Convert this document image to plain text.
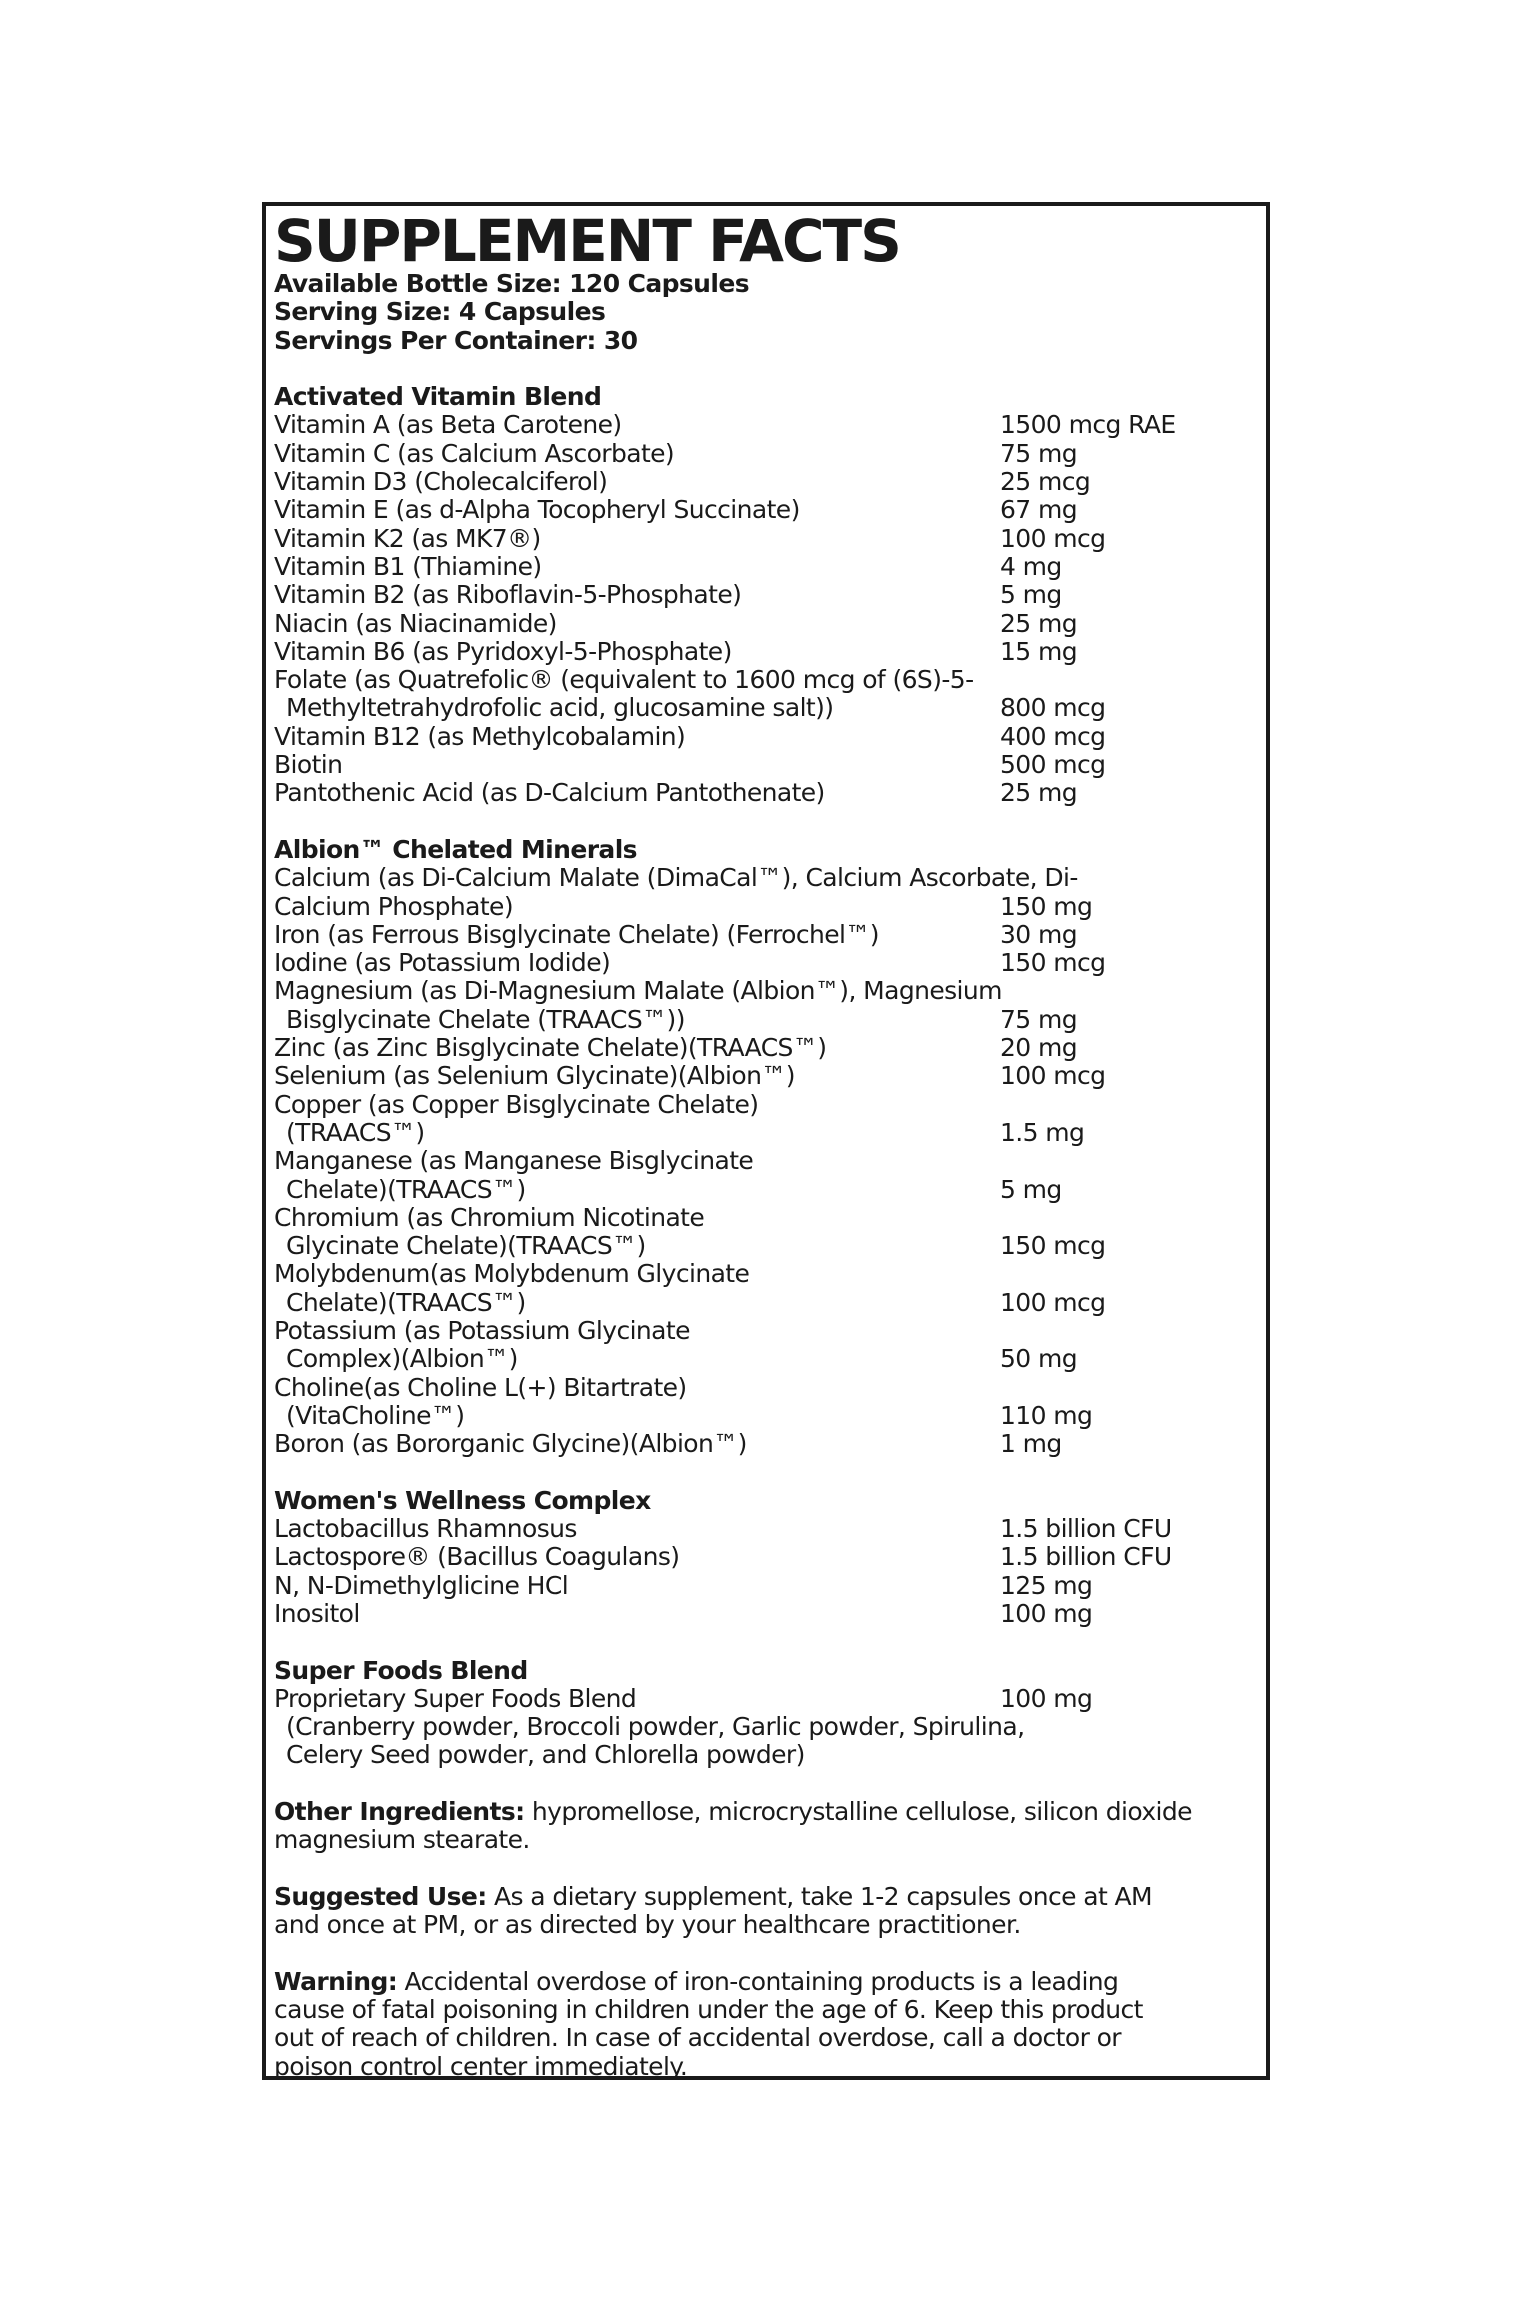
SUPPLEMENT FACTS
Available Bottle Size: 120 Capsules
Serving Size: 4 Capsules
Servings Per Container: 30
Activated Vitamin Blend
Vitamin A (as Beta Carotene)	1500 mcg RAE
Vitamin C (as Calcium Ascorbate)	75 mg
Vitamin D3 (Cholecalciferol)	25 mcg
Vitamin E (as d-Alpha Tocopheryl Succinate)	67 mg
Vitamin K2 (as MK7®)	100 mcg
Vitamin B1 (Thiamine)	4 mg
Vitamin B2 (as Riboflavin-5-Phosphate)	5 mg
Niacin (as Niacinamide)	25 mg
Vitamin B6 (as Pyridoxyl-5-Phosphate)	15 mg
Folate (as Quatrefolic® (equivalent to 1600 mcg of (6S)-5-
Methyltetrahydrofolic acid, glucosamine salt))	800 mcg
Vitamin B12 (as Methylcobalamin)	400 mcg
Biotin	500 mcg
Pantothenic Acid (as D-Calcium Pantothenate)	25 mg
Albion™ Chelated Minerals
Calcium (as Di-Calcium Malate (DimaCal™), Calcium Ascorbate, Di-
Calcium Phosphate)	150 mg
Iron (as Ferrous Bisglycinate Chelate) (Ferrochel™)	30 mg
Iodine (as Potassium Iodide)	150 mcg
Magnesium (as Di-Magnesium Malate (Albion™), Magnesium
Bisglycinate Chelate (TRAACS™))	75 mg
Zinc (as Zinc Bisglycinate Chelate)(TRAACS™)	20 mg
Selenium (as Selenium Glycinate)(Albion™)	100 mcg
Copper (as Copper Bisglycinate Chelate)
(TRAACS™)	1.5 mg
Manganese (as Manganese Bisglycinate
Chelate)(TRAACS™)	5 mg
Chromium (as Chromium Nicotinate
Glycinate Chelate)(TRAACS™)	150 mcg
Molybdenum(as Molybdenum Glycinate
Chelate)(TRAACS™)	100 mcg
Potassium (as Potassium Glycinate
Complex)(Albion™)	50 mg
Choline(as Choline L(+) Bitartrate)
(VitaCholine™)	110 mg
Boron (as Bororganic Glycine)(Albion™)	1 mg
Women's Wellness Complex
Lactobacillus Rhamnosus	1.5 billion CFU
Lactospore® (Bacillus Coagulans)	1.5 billion CFU
N, N-Dimethylglicine HCl	125 mg
Inositol	100 mg
Super Foods Blend
Proprietary Super Foods Blend	100 mg
(Cranberry powder, Broccoli powder, Garlic powder, Spirulina,
Celery Seed powder, and Chlorella powder)
Other Ingredients: hypromellose, microcrystalline cellulose, silicon dioxide
magnesium stearate.
Suggested Use: As a dietary supplement, take 1-2 capsules once at AM
and once at PM, or as directed by your healthcare practitioner.
Warning: Accidental overdose of iron-containing products is a leading
cause of fatal poisoning in children under the age of 6. Keep this product
out of reach of children. In case of accidental overdose, call a doctor or
poison control center immediately.
